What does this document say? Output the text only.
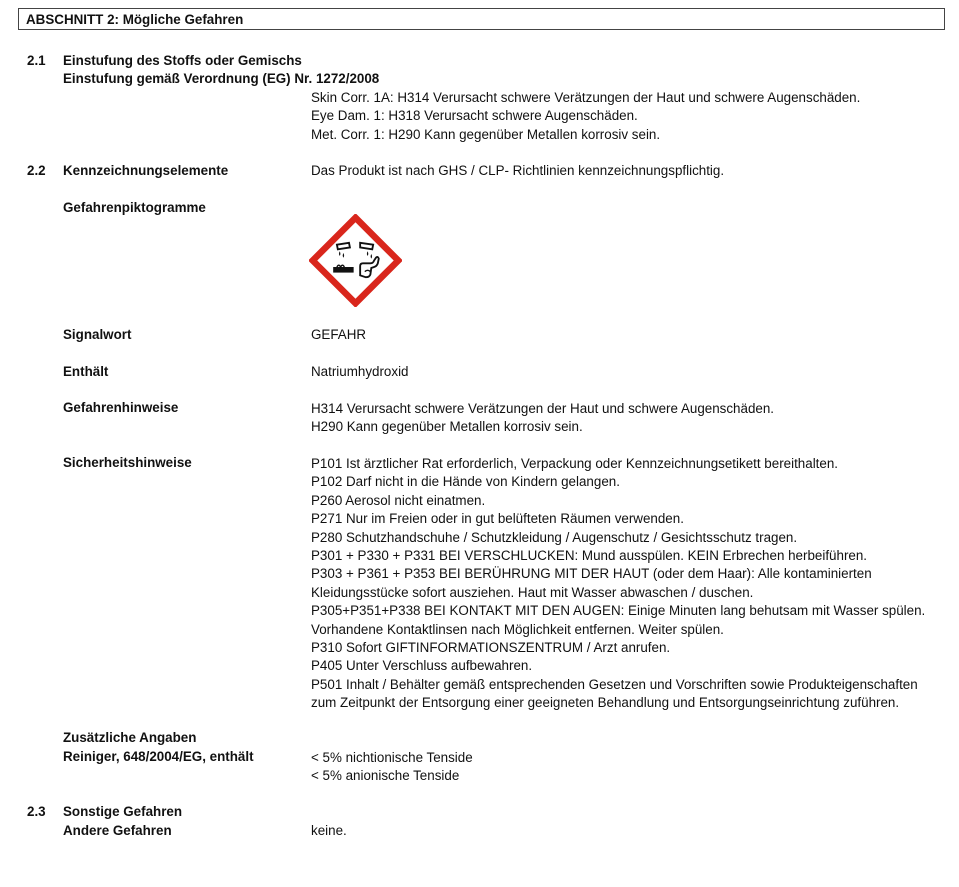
ABSCHNITT 2: Mögliche Gefahren
2.1 Einstufung des Stoffs oder Gemischs
Einstufung gemäß Verordnung (EG) Nr. 1272/2008
Skin Corr. 1A: H314 Verursacht schwere Verätzungen der Haut und schwere Augenschäden.
Eye Dam. 1: H318 Verursacht schwere Augenschäden.
Met. Corr. 1: H290 Kann gegenüber Metallen korrosiv sein.
2.2 Kennzeichnungselemente	Das Produkt ist nach GHS / CLP- Richtlinien kennzeichnungspflichtig.
Gefahrenpiktogramme
Signalwort	GEFAHR
Enthält	Natriumhydroxid
Gefahrenhinweise	H314 Verursacht schwere Verätzungen der Haut und schwere Augenschäden.
H290 Kann gegenüber Metallen korrosiv sein.
Sicherheitshinweise	P101 Ist ärztlicher Rat erforderlich, Verpackung oder Kennzeichnungsetikett bereithalten.
P102 Darf nicht in die Hände von Kindern gelangen.
P260 Aerosol nicht einatmen.
P271 Nur im Freien oder in gut belüfteten Räumen verwenden.
P280 Schutzhandschuhe / Schutzkleidung / Augenschutz / Gesichtsschutz tragen.
P301 + P330 + P331 BEI VERSCHLUCKEN: Mund ausspülen. KEIN Erbrechen herbeiführen.
P303 + P361 + P353 BEI BERÜHRUNG MIT DER HAUT (oder dem Haar): Alle kontaminierten
Kleidungsstücke sofort ausziehen. Haut mit Wasser abwaschen / duschen.
P305+P351+P338 BEI KONTAKT MIT DEN AUGEN: Einige Minuten lang behutsam mit Wasser spülen.
Vorhandene Kontaktlinsen nach Möglichkeit entfernen. Weiter spülen.
P310 Sofort GIFTINFORMATIONSZENTRUM / Arzt anrufen.
P405 Unter Verschluss aufbewahren.
P501 Inhalt / Behälter gemäß entsprechenden Gesetzen und Vorschriften sowie Produkteigenschaften
zum Zeitpunkt der Entsorgung einer geeigneten Behandlung und Entsorgungseinrichtung zuführen.
Zusätzliche Angaben
Reiniger, 648/2004/EG, enthält	< 5% nichtionische Tenside
< 5% anionische Tenside
2.3 Sonstige Gefahren
Andere Gefahren	keine.
